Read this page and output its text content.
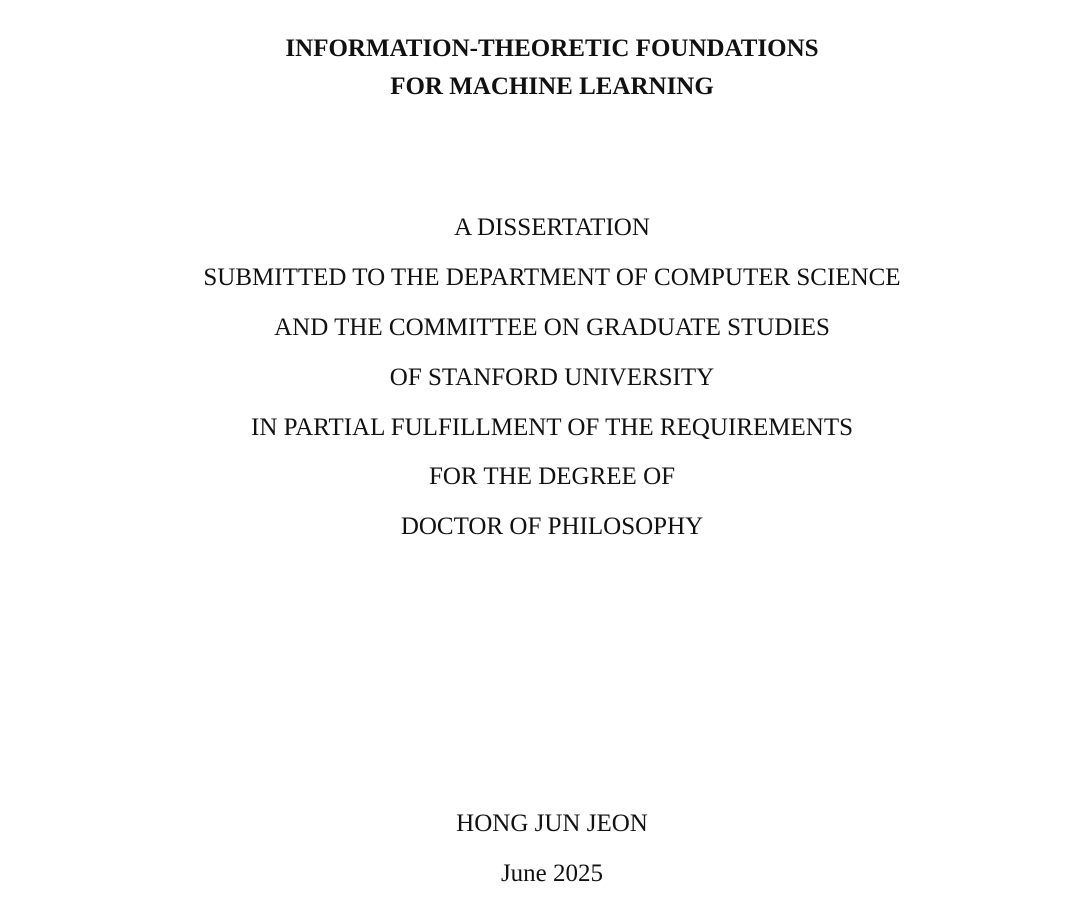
INFORMATION-THEORETIC FOUNDATIONS
FOR MACHINE LEARNING
A DISSERTATION
SUBMITTED TO THE DEPARTMENT OF COMPUTER SCIENCE
AND THE COMMITTEE ON GRADUATE STUDIES
OF STANFORD UNIVERSITY
IN PARTIAL FULFILLMENT OF THE REQUIREMENTS
FOR THE DEGREE OF
DOCTOR OF PHILOSOPHY
HONG JUN JEON
June 2025
